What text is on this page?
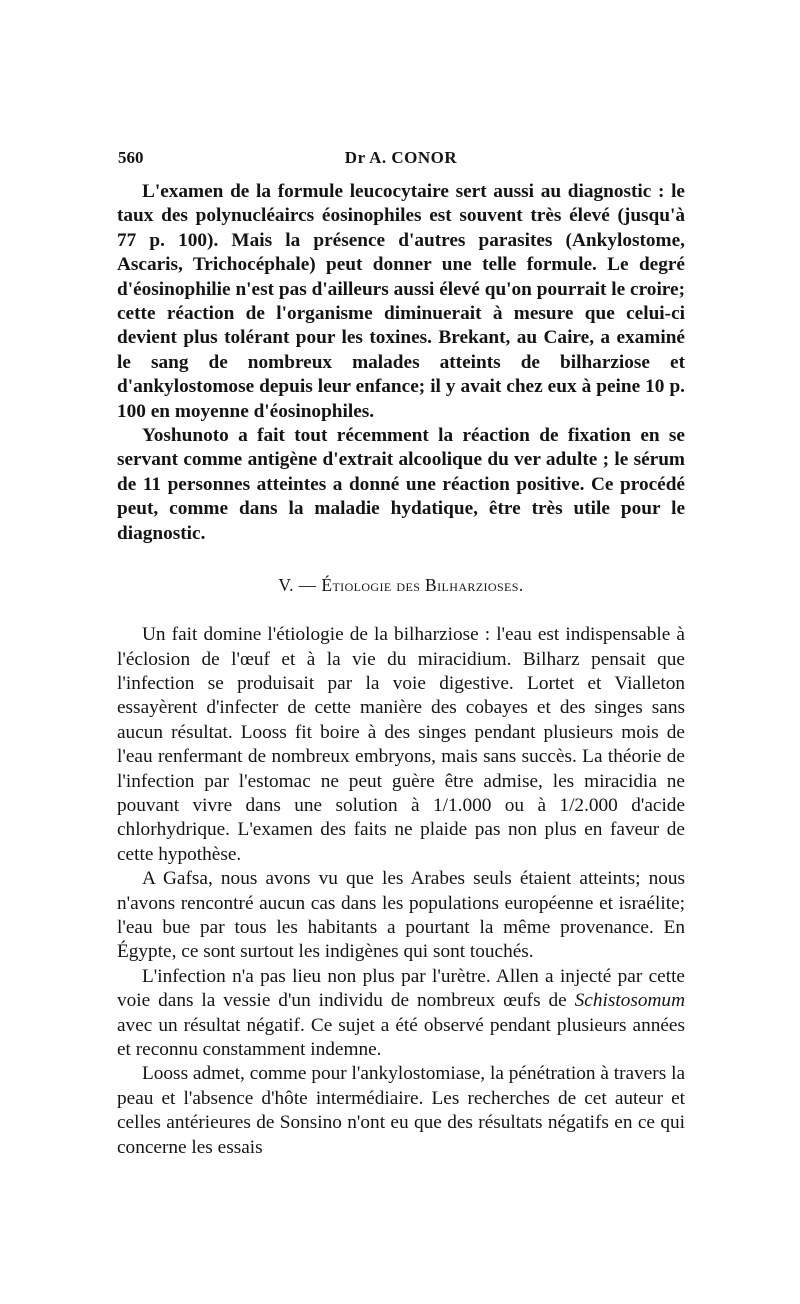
560	Dr A. CONOR

L'examen de la formule leucocytaire sert aussi au diagnostic : le taux des polynucléaircs éosinophiles est souvent très élevé (jusqu'à 77 p. 100). Mais la présence d'autres parasites (Ankylostome, Ascaris, Trichocéphale) peut donner une telle formule. Le degré d'éosinophilie n'est pas d'ailleurs aussi élevé qu'on pourrait le croire; cette réaction de l'organisme diminuerait à mesure que celui-ci devient plus tolérant pour les toxines. Brekant, au Caire, a examiné le sang de nombreux malades atteints de bilharziose et d'ankylostomose depuis leur enfance; il y avait chez eux à peine 10 p. 100 en moyenne d'éosinophiles.

Yoshunoto a fait tout récemment la réaction de fixation en se servant comme antigène d'extrait alcoolique du ver adulte ; le sérum de 11 personnes atteintes a donné une réaction positive. Ce procédé peut, comme dans la maladie hydatique, être très utile pour le diagnostic.

V. — Étiologie des Bilharzioses.

Un fait domine l'étiologie de la bilharziose : l'eau est indispensable à l'éclosion de l'œuf et à la vie du miracidium. Bilharz pensait que l'infection se produisait par la voie digestive. Lortet et Vialleton essayèrent d'infecter de cette manière des cobayes et des singes sans aucun résultat. Looss fit boire à des singes pendant plusieurs mois de l'eau renfermant de nombreux embryons, mais sans succès. La théorie de l'infection par l'estomac ne peut guère être admise, les miracidia ne pouvant vivre dans une solution à 1/1.000 ou à 1/2.000 d'acide chlorhydrique. L'examen des faits ne plaide pas non plus en faveur de cette hypothèse.

A Gafsa, nous avons vu que les Arabes seuls étaient atteints; nous n'avons rencontré aucun cas dans les populations européenne et israélite; l'eau bue par tous les habitants a pourtant la même provenance. En Égypte, ce sont surtout les indigènes qui sont touchés.

L'infection n'a pas lieu non plus par l'urètre. Allen a injecté par cette voie dans la vessie d'un individu de nombreux œufs de Schistosomum avec un résultat négatif. Ce sujet a été observé pendant plusieurs années et reconnu constamment indemne.

Looss admet, comme pour l'ankylostomiase, la pénétration à travers la peau et l'absence d'hôte intermédiaire. Les recherches de cet auteur et celles antérieures de Sonsino n'ont eu que des résultats négatifs en ce qui concerne les essais
